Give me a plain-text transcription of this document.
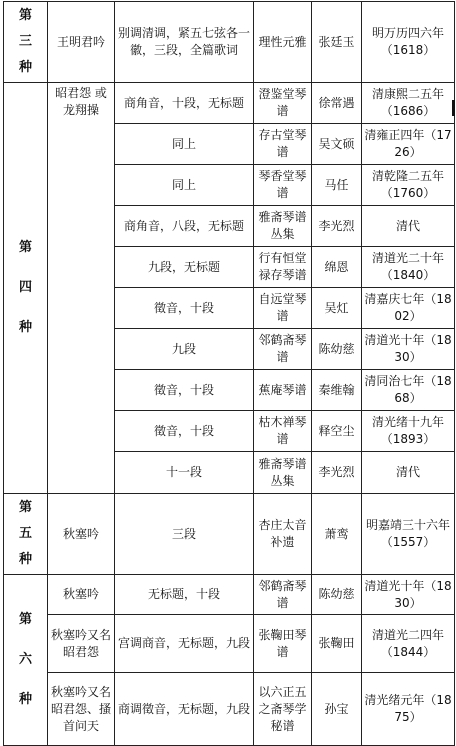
第
三
种	王明君吟	别调清调，紧五七弦各一徽，三段，全篇歌词	理性元雅	张廷玉	明万历四六年（1618）
第
四
种	昭君怨 或
龙翔操	商角音，十段，无标题	澄鉴堂琴谱	徐常遇	清康熙二五年（1686）
		同上	存古堂琴谱	吴文硕	清雍正四年（1726）
		同上	琴香堂琴谱	马任	清乾隆二五年（1760）
		商角音，八段，无标题	雅斋琴谱丛集	李光烈	清代
		九段，无标题	行有恒堂禄存琴谱	绵恩	清道光二十年（1840）
		徵音，十段	自远堂琴谱	吴灴	清嘉庆七年（1802）
		九段	邻鹤斋琴谱	陈幼慈	清道光十年（1830）
		徵音，十段	蕉庵琴谱	秦维翰	清同治七年（1868）
		徵音，十段	枯木禅琴谱	释空尘	清光绪十九年（1893）
		十一段	雅斋琴谱丛集	李光烈	清代
第
五
种	秋塞吟	三段	杏庄太音补遗	萧鸾	明嘉靖三十六年（1557）
第
六
种	秋塞吟	无标题，十段	邻鹤斋琴谱	陈幼慈	清道光十年（1830）
	秋塞吟又名昭君怨	宫调商音，无标题，九段	张鞠田琴谱	张鞠田	清道光二四年（1844）
	秋塞吟又名昭君怨、搔首问天	商调徵音，无标题，九段	以六正五之斋琴学秘谱	孙宝	清光绪元年（1875）
